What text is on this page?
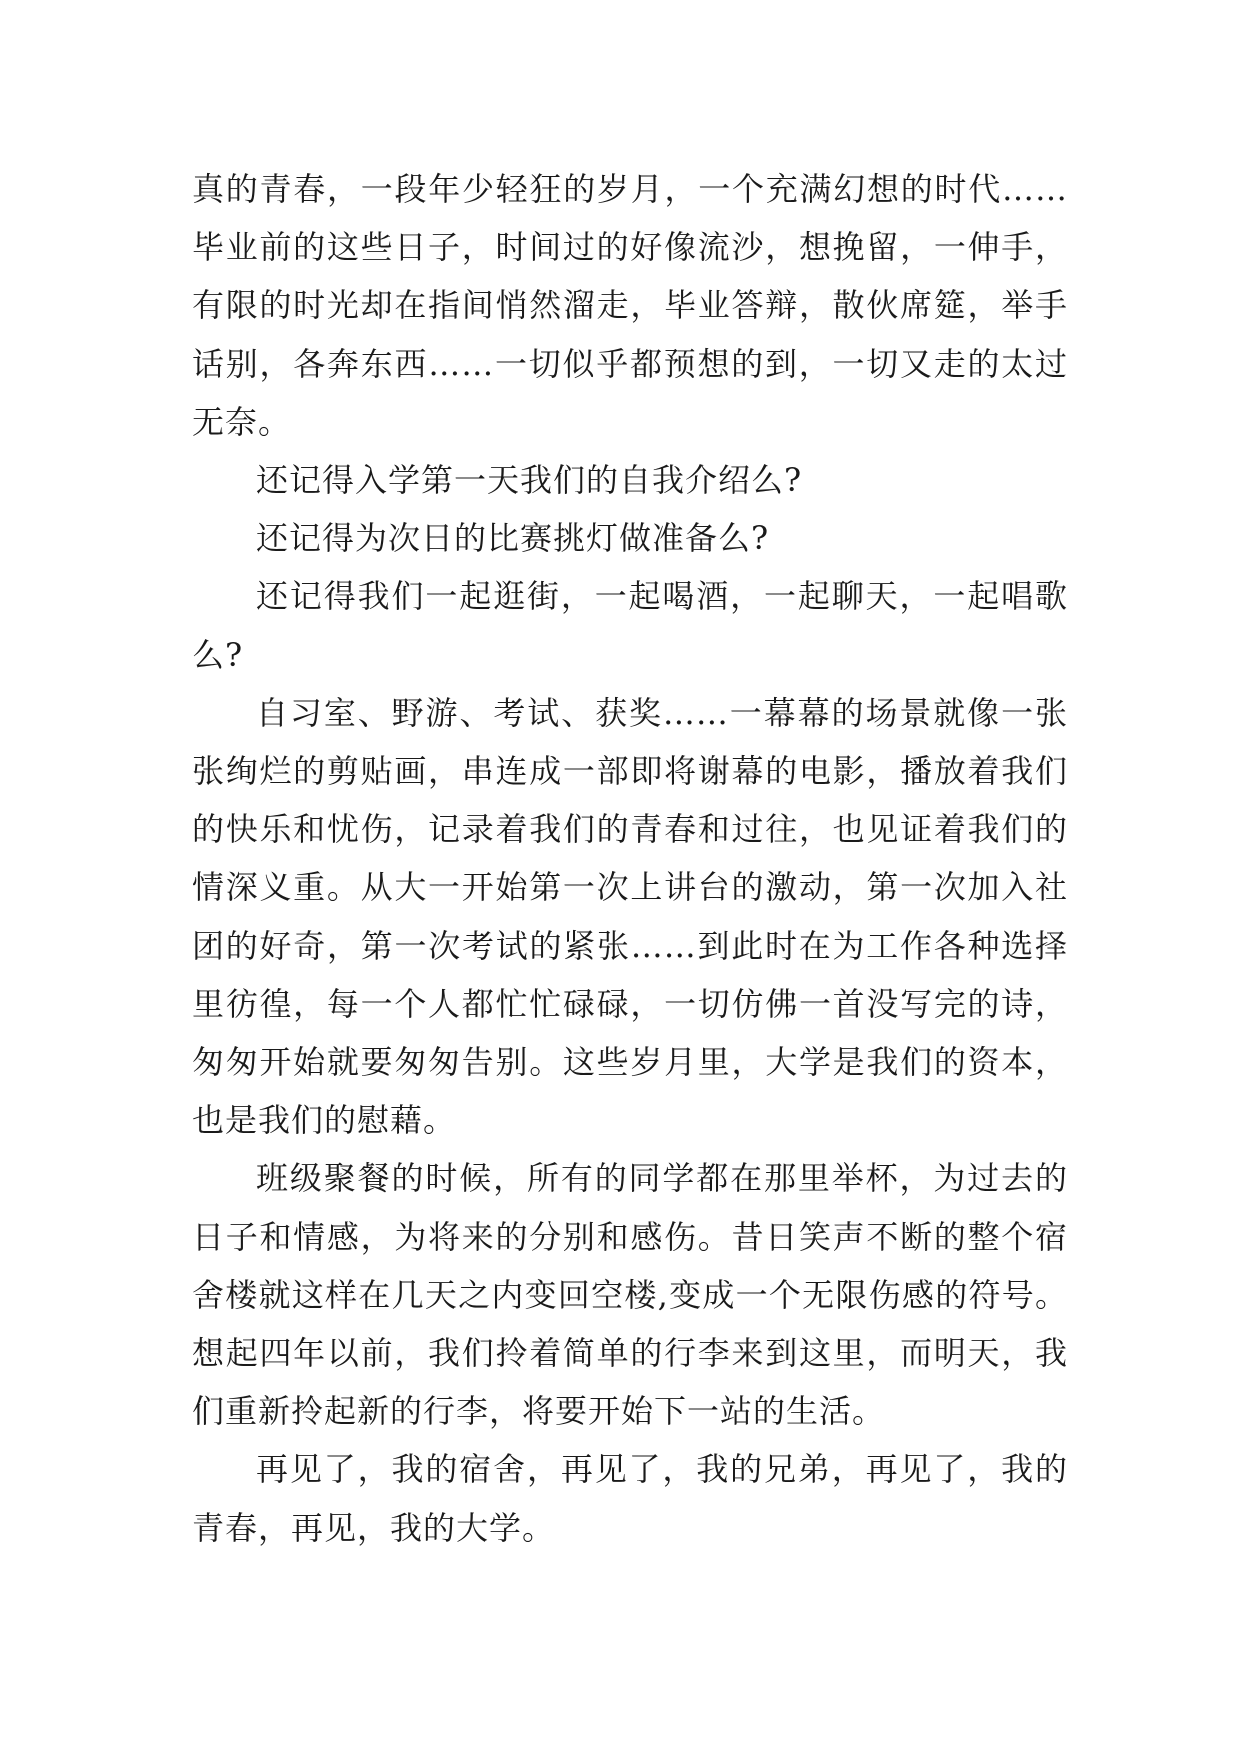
真的青春，一段年少轻狂的岁月，一个充满幻想的时代……毕业前的这些日子，时间过的好像流沙，想挽留，一伸手，有限的时光却在指间悄然溜走，毕业答辩，散伙席筵，举手话别，各奔东西……一切似乎都预想的到，一切又走的太过无奈。

还记得入学第一天我们的自我介绍么?

还记得为次日的比赛挑灯做准备么?

还记得我们一起逛街，一起喝酒，一起聊天，一起唱歌么?

自习室、野游、考试、获奖……一幕幕的场景就像一张张绚烂的剪贴画，串连成一部即将谢幕的电影，播放着我们的快乐和忧伤，记录着我们的青春和过往，也见证着我们的情深义重。从大一开始第一次上讲台的激动，第一次加入社团的好奇，第一次考试的紧张……到此时在为工作各种选择里彷徨，每一个人都忙忙碌碌，一切仿佛一首没写完的诗，匆匆开始就要匆匆告别。这些岁月里，大学是我们的资本，也是我们的慰藉。

班级聚餐的时候，所有的同学都在那里举杯，为过去的日子和情感，为将来的分别和感伤。昔日笑声不断的整个宿舍楼就这样在几天之内变回空楼,变成一个无限伤感的符号。想起四年以前，我们拎着简单的行李来到这里，而明天，我们重新拎起新的行李，将要开始下一站的生活。

再见了，我的宿舍，再见了，我的兄弟，再见了，我的青春，再见，我的大学。
